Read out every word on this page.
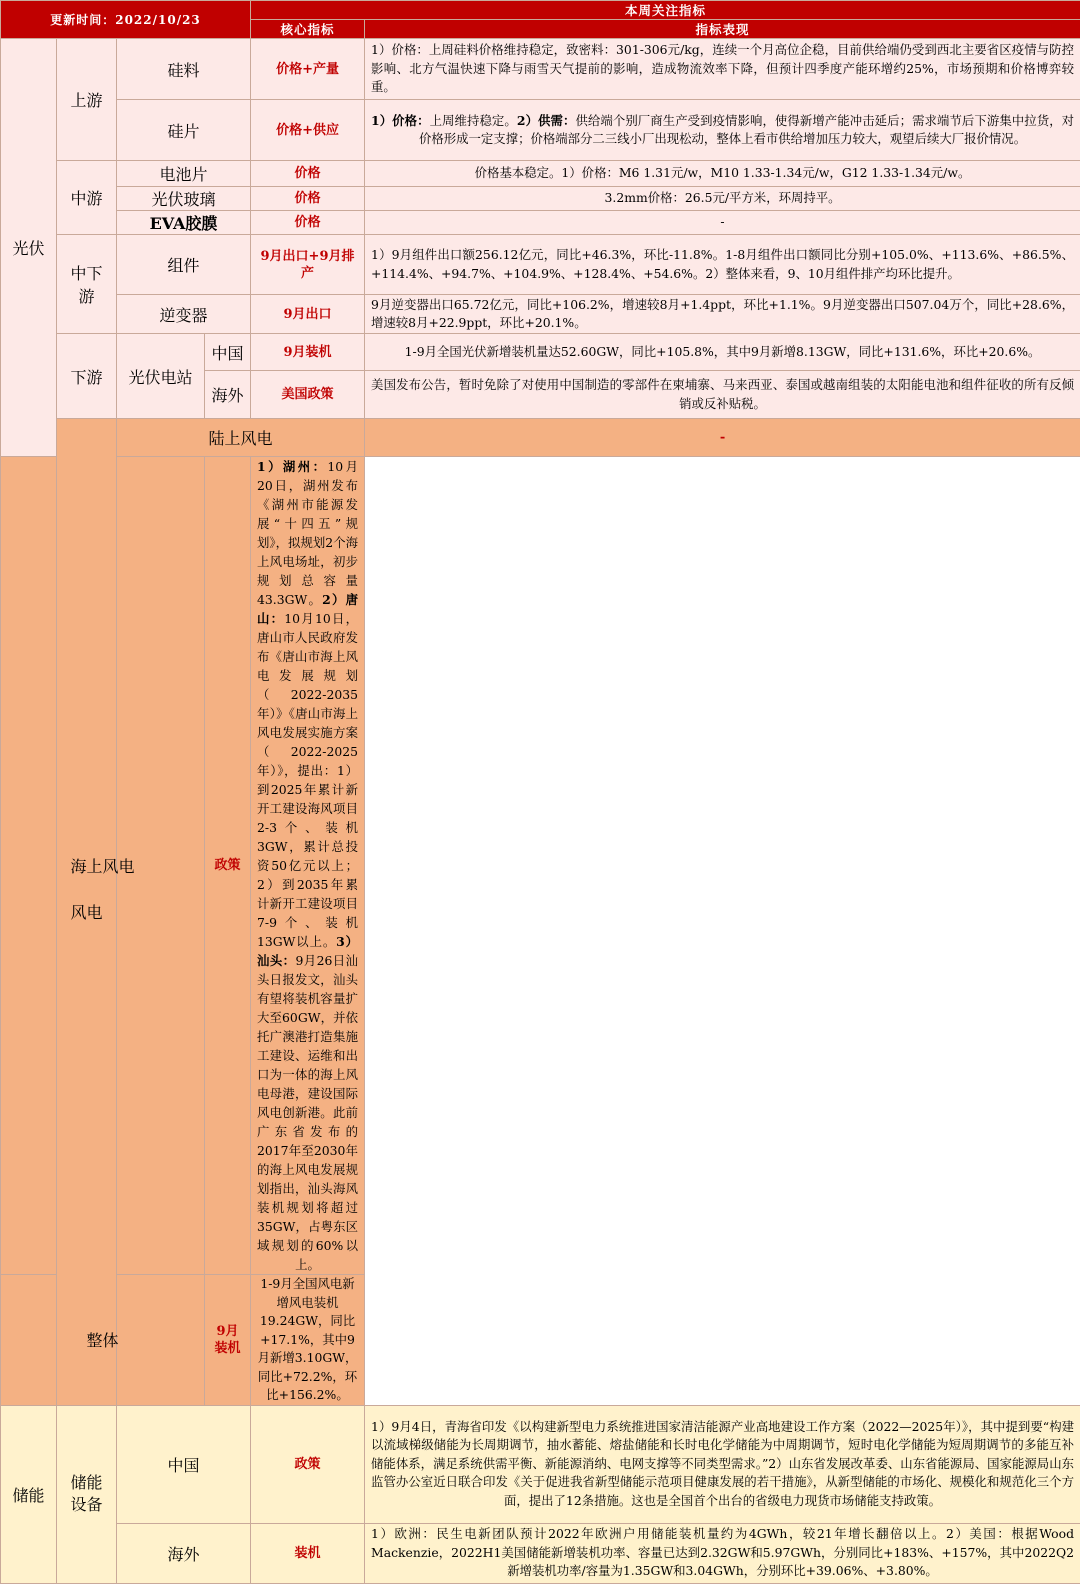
更新时间：2022/10/23				本周关注指标		
				核心指标	指标表现	
光伏	上游	硅料		价格+产量	1）价格：上周硅料价格维持稳定，致密料：301-306元/kg，连续一个月高位企稳，目前供给端仍受到西北主要省区疫情与防控影响、北方气温快速下降与雨雪天气提前的影响，造成物流效率下降，但预计四季度产能环增约25%，市场预期和价格博弈较重。	
		硅片		价格+供应	1）价格：上周维持稳定。2）供需：供给端个别厂商生产受到疫情影响，使得新增产能冲击延后；需求端节后下游集中拉货，对价格形成一定支撑；价格端部分二三线小厂出现松动，整体上看市供给增加压力较大，观望后续大厂报价情况。	
	中游	电池片		价格	价格基本稳定。1）价格：M6 1.31元/w，M10 1.33-1.34元/w，G12 1.33-1.34元/w。	
		光伏玻璃		价格	3.2mm价格：26.5元/平方米，环周持平。	
		EVA胶膜		价格	-	
	中下游	组件		9月出口+9月排产	1）9月组件出口额256.12亿元，同比+46.3%，环比-11.8%。1-8月组件出口额同比分别+105.0%、+113.6%、+86.5%、+114.4%、+94.7%、+104.9%、+128.4%、+54.6%。2）整体来看，9、10月组件排产均环比提升。	
		逆变器		9月出口	9月逆变器出口65.72亿元，同比+106.2%，增速较8月+1.4ppt，环比+1.1%。9月逆变器出口507.04万个，同比+28.6%，增速较8月+22.9ppt，环比+20.1%。	
	下游	光伏电站	中国	9月装机	1-9月全国光伏新增装机量达52.60GW，同比+105.8%，其中9月新增8.13GW，同比+131.6%，环比+20.6%。	
			海外	美国政策	美国发布公告，暂时免除了对使用中国制造的零部件在柬埔寨、马来西亚、泰国或越南组装的太阳能电池和组件征收的所有反倾销或反补贴税。	
	风电	陆上风电			-	
海上风电			政策	1）湖州：10月20日，湖州发布《湖州市能源发展“十四五”规划》，拟规划2个海上风电场址，初步规划总容量43.3GW。2）唐山：10月10日，唐山市人民政府发布《唐山市海上风电发展规划（2022-2035年）》《唐山市海上风电发展实施方案（2022-2025年）》，提出：1）到2025年累计新开工建设海风项目2-3个、装机3GW，累计总投资50亿元以上；2）到2035年累计新开工建设项目7-9个、装机13GW以上。3）汕头：9月26日汕头日报发文，汕头有望将装机容量扩大至60GW，并依托广澳港打造集施工建设、运维和出口为一体的海上风电母港，建设国际风电创新港。此前广东省发布的2017年至2030年的海上风电发展规划指出，汕头海风装机规划将超过35GW，占粤东区域规划的60%以上。		
整体			9月装机	1-9月全国风电新增风电装机19.24GW，同比+17.1%，其中9月新增3.10GW，同比+72.2%，环比+156.2%。		
储能	储能设备	中国		政策	1）9月4日，青海省印发《以构建新型电力系统推进国家清洁能源产业高地建设工作方案（2022—2025年）》，其中提到要“构建以流域梯级储能为长周期调节，抽水蓄能、熔盐储能和长时电化学储能为中周期调节，短时电化学储能为短周期调节的多能互补储能体系，满足系统供需平衡、新能源消纳、电网支撑等不同类型需求。”2）山东省发展改革委、山东省能源局、国家能源局山东监管办公室近日联合印发《关于促进我省新型储能示范项目健康发展的若干措施》，从新型储能的市场化、规模化和规范化三个方面，提出了12条措施。这也是全国首个出台的省级电力现货市场储能支持政策。	
		海外		装机	1）欧洲：民生电新团队预计2022年欧洲户用储能装机量约为4GWh，较21年增长翻倍以上。2）美国：根据Wood Mackenzie，2022H1美国储能新增装机功率、容量已达到2.32GW和5.97GWh，分别同比+183%、+157%，其中2022Q2新增装机功率/容量为1.35GW和3.04GWh，分别环比+39.06%、+3.80%。	
